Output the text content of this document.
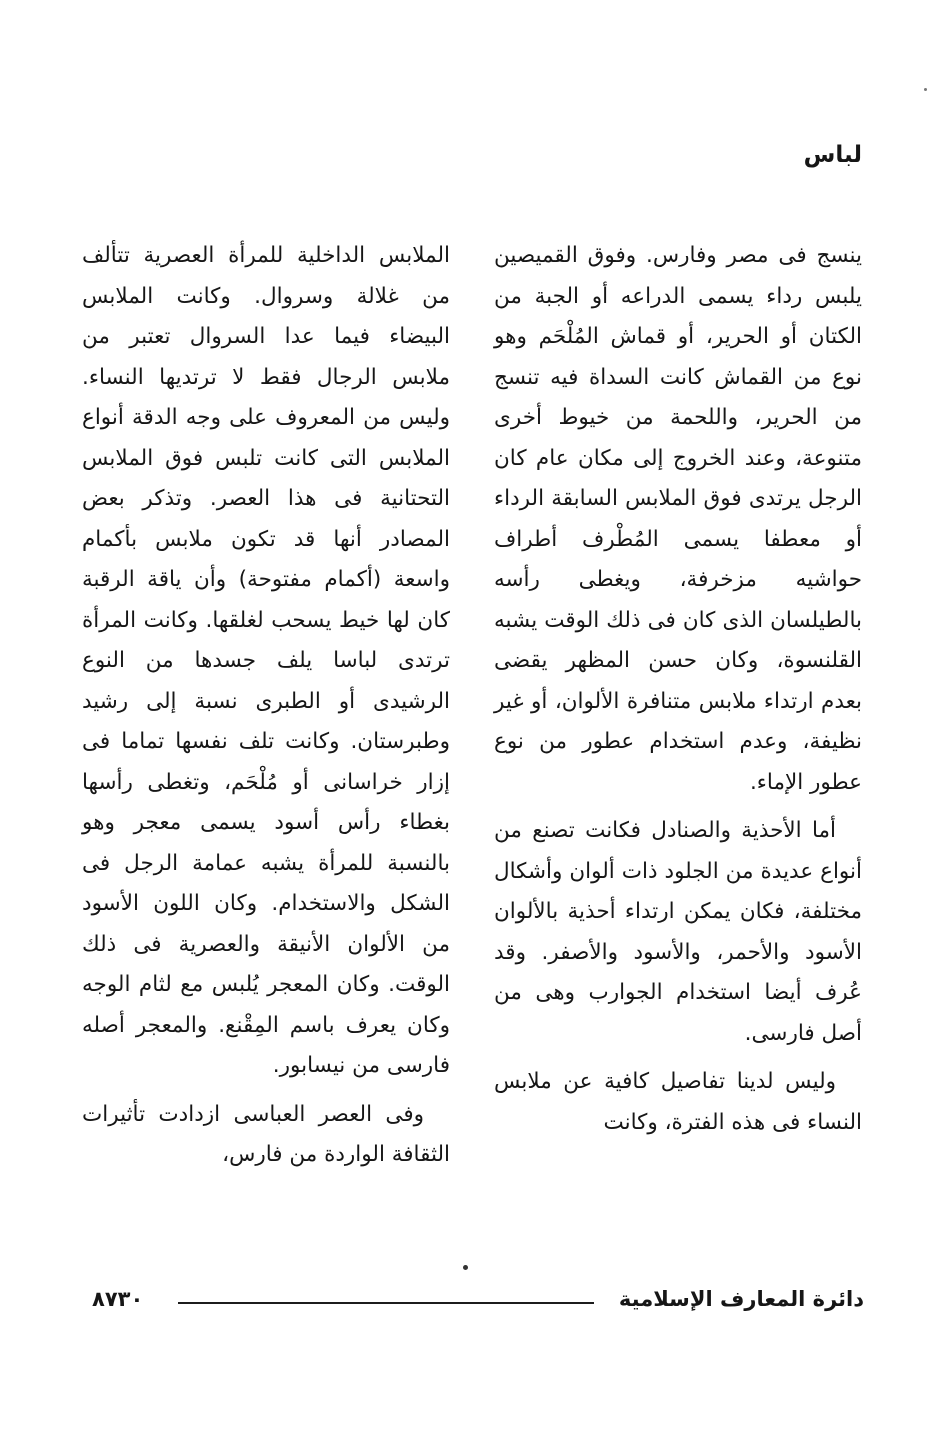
لباس

ينسج فى مصر وفارس. وفوق القميصين يلبس رداء يسمى الدراعه أو الجبة من الكتان أو الحرير، أو قماش المُلْحَم وهو نوع من القماش كانت السداة فيه تنسج من الحرير، واللحمة من خيوط أخرى متنوعة، وعند الخروج إلى مكان عام كان الرجل يرتدى فوق الملابس السابقة الرداء أو معطفا يسمى المُطْرف أطراف حواشيه مزخرفة، ويغطى رأسه بالطيلسان الذى كان فى ذلك الوقت يشبه القلنسوة، وكان حسن المظهر يقضى بعدم ارتداء ملابس متنافرة الألوان، أو غير نظيفة، وعدم استخدام عطور من نوع عطور الإماء.

أما الأحذية والصنادل فكانت تصنع من أنواع عديدة من الجلود ذات ألوان وأشكال مختلفة، فكان يمكن ارتداء أحذية بالألوان الأسود والأحمر، والأسود والأصفر. وقد عُرف أيضا استخدام الجوارب وهى من أصل فارسى.

وليس لدينا تفاصيل كافية عن ملابس النساء فى هذه الفترة، وكانت

الملابس الداخلية للمرأة العصرية تتألف من غلالة وسروال. وكانت الملابس البيضاء فيما عدا السروال تعتبر من ملابس الرجال فقط لا ترتديها النساء. وليس من المعروف على وجه الدقة أنواع الملابس التى كانت تلبس فوق الملابس التحتانية فى هذا العصر. وتذكر بعض المصادر أنها قد تكون ملابس بأكمام واسعة (أكمام مفتوحة) وأن ياقة الرقبة كان لها خيط يسحب لغلقها. وكانت المرأة ترتدى لباسا يلف جسدها من النوع الرشيدى أو الطبرى نسبة إلى رشيد وطبرستان. وكانت تلف نفسها تماما فى إزار خراسانى أو مُلْحَم، وتغطى رأسها بغطاء رأس أسود يسمى معجر وهو بالنسبة للمرأة يشبه عمامة الرجل فى الشكل والاستخدام. وكان اللون الأسود من الألوان الأنيقة والعصرية فى ذلك الوقت. وكان المعجر يُلبس مع لثام الوجه وكان يعرف باسم المِقْنع. والمعجر أصله فارسى من نيسابور.

وفى العصر العباسى ازدادت تأثيرات الثقافة الواردة من فارس،

٨٧٣٠	دائرة المعارف الإسلامية
